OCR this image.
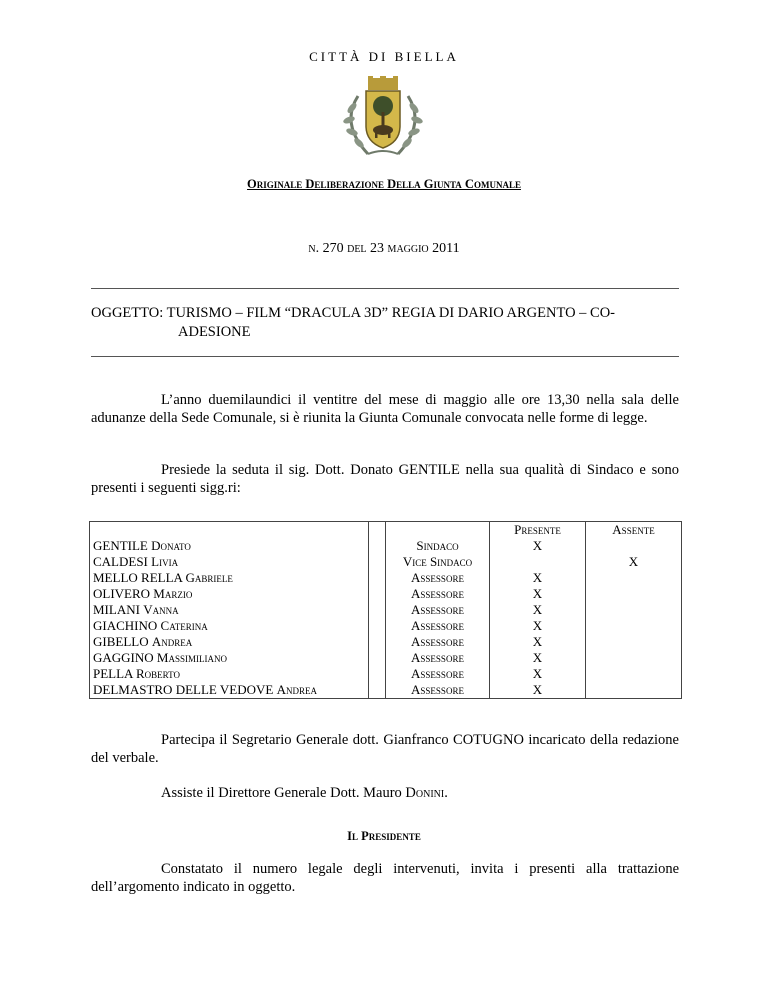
CITTÀ DI BIELLA
Originale Deliberazione Della Giunta Comunale
n. 270 del 23 maggio 2011
OGGETTO: TURISMO – FILM “DRACULA 3D” REGIA DI DARIO ARGENTO – CO-
ADESIONE
L’anno duemilaundici il ventitre del mese di maggio alle ore 13,30 nella sala delle adunanze della Sede Comunale, si è riunita la Giunta Comunale convocata nelle forme di legge.
Presiede la seduta il sig. Dott. Donato GENTILE nella sua qualità di Sindaco e sono presenti i seguenti sigg.ri:
			Presente	Assente
GENTILE Donato		Sindaco	X	
CALDESI Livia		Vice Sindaco		X
MELLO RELLA Gabriele		Assessore	X	
OLIVERO Marzio		Assessore	X	
MILANI Vanna		Assessore	X	
GIACHINO Caterina		Assessore	X	
GIBELLO Andrea		Assessore	X	
GAGGINO Massimiliano		Assessore	X	
PELLA Roberto		Assessore	X	
DELMASTRO DELLE VEDOVE Andrea		Assessore	X	
Partecipa il Segretario Generale dott. Gianfranco COTUGNO incaricato della redazione del verbale.
Assiste il Direttore Generale Dott. Mauro Donini.
Il Presidente
Constatato il numero legale degli intervenuti, invita i presenti alla trattazione dell’argomento indicato in oggetto.
